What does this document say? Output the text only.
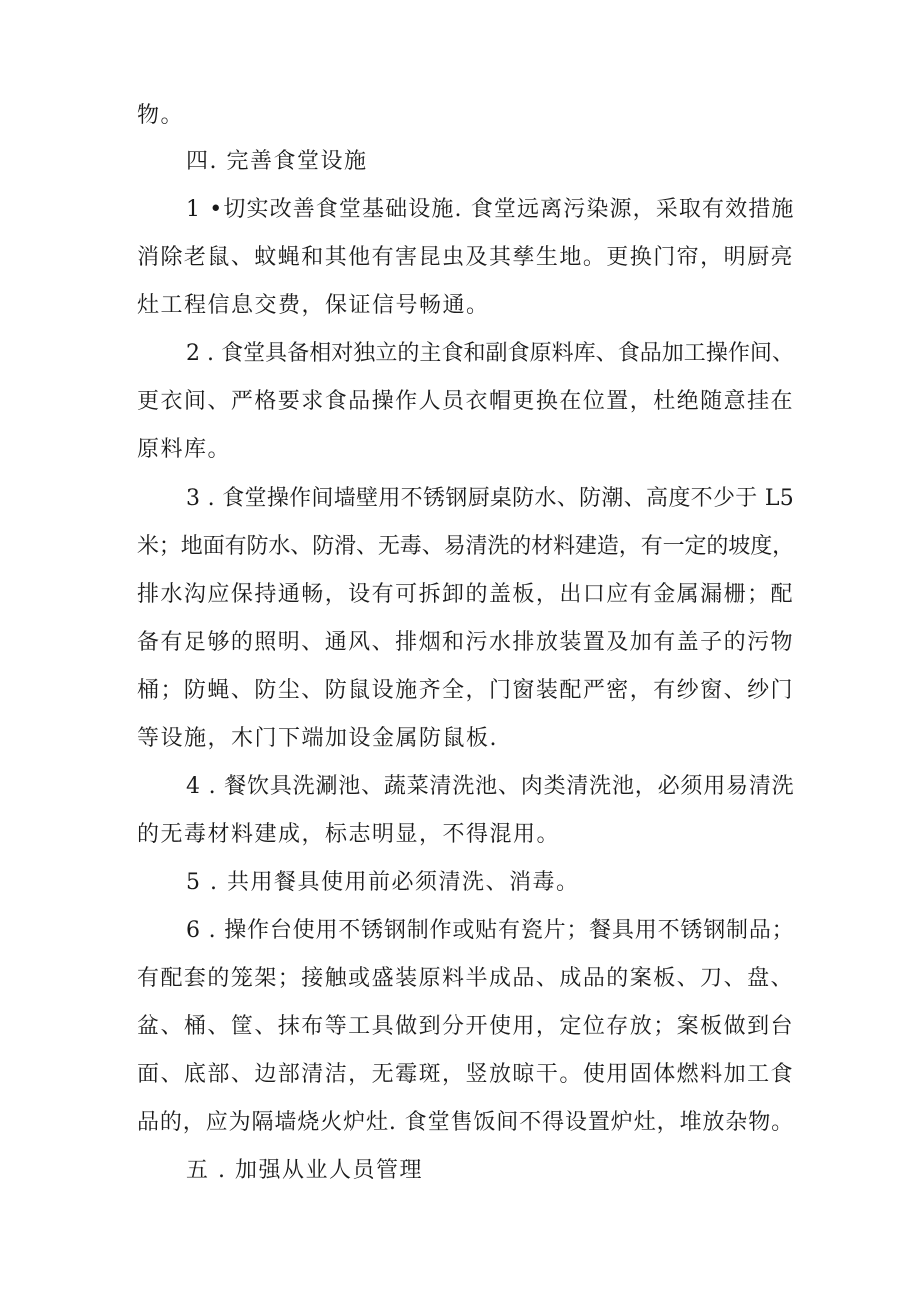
物。
四. 完善食堂设施
1 •切实改善食堂基础设施. 食堂远离污染源，采取有效措施
消除老鼠、蚊蝇和其他有害昆虫及其孳生地。更换门帘，明厨亮
灶工程信息交费，保证信号畅通。
2 . 食堂具备相对独立的主食和副食原料库、食品加工操作间、
更衣间、严格要求食品操作人员衣帽更换在位置，杜绝随意挂在
原料库。
3 . 食堂操作间墙壁用不锈钢厨桌防水、防潮、高度不少于 L5
米；地面有防水、防滑、无毒、易清洗的材料建造，有一定的坡度，
排水沟应保持通畅，设有可拆卸的盖板，出口应有金属漏栅；配
备有足够的照明、通风、排烟和污水排放装置及加有盖子的污物
桶；防蝇、防尘、防鼠设施齐全，门窗装配严密，有纱窗、纱门
等设施，木门下端加设金属防鼠板.
4 . 餐饮具洗涮池、蔬菜清洗池、肉类清洗池，必须用易清洗
的无毒材料建成，标志明显，不得混用。
5 . 共用餐具使用前必须清洗、消毒。
6 . 操作台使用不锈钢制作或贴有瓷片；餐具用不锈钢制品；
有配套的笼架；接触或盛装原料半成品、成品的案板、刀、盘、
盆、桶、筐、抹布等工具做到分开使用，定位存放；案板做到台
面、底部、边部清洁，无霉斑，竖放晾干。使用固体燃料加工食
品的，应为隔墙烧火炉灶. 食堂售饭间不得设置炉灶，堆放杂物。
五 . 加强从业人员管理
